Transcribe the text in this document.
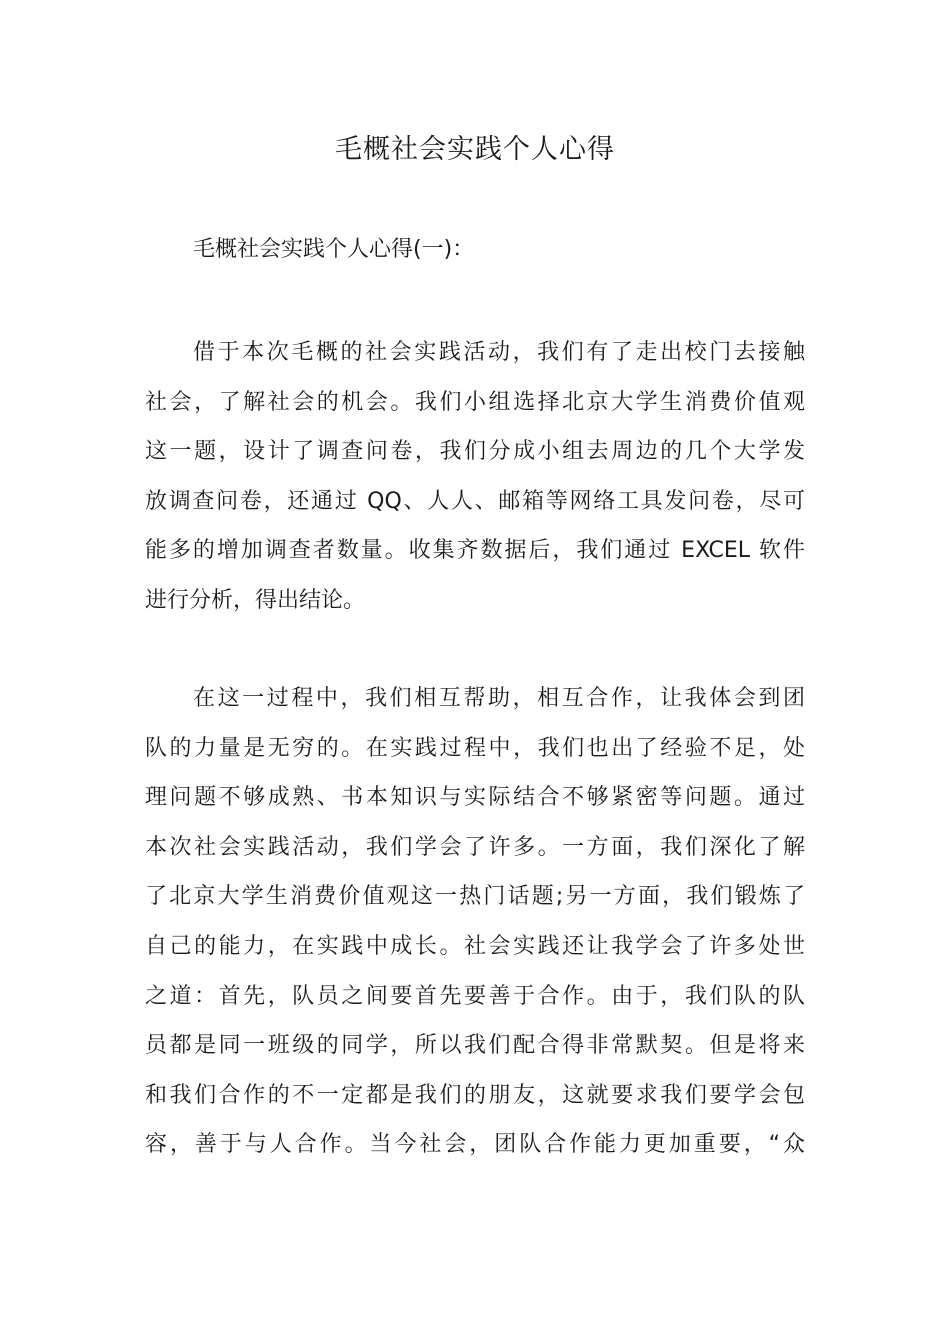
毛概社会实践个人心得

毛概社会实践个人心得(一)：

借于本次毛概的社会实践活动，我们有了走出校门去接触
社会，了解社会的机会。我们小组选择北京大学生消费价值观
这一题，设计了调查问卷，我们分成小组去周边的几个大学发
放调查问卷，还通过 QQ、人人、邮箱等网络工具发问卷，尽可
能多的增加调查者数量。收集齐数据后，我们通过 EXCEL 软件
进行分析，得出结论。
在这一过程中，我们相互帮助，相互合作，让我体会到团
队的力量是无穷的。在实践过程中，我们也出了经验不足，处
理问题不够成熟、书本知识与实际结合不够紧密等问题。通过
本次社会实践活动，我们学会了许多。一方面，我们深化了解
了北京大学生消费价值观这一热门话题;另一方面，我们锻炼了
自己的能力，在实践中成长。社会实践还让我学会了许多处世
之道：首先，队员之间要首先要善于合作。由于，我们队的队
员都是同一班级的同学，所以我们配合得非常默契。但是将来
和我们合作的不一定都是我们的朋友，这就要求我们要学会包
容，善于与人合作。当今社会，团队合作能力更加重要，“众
